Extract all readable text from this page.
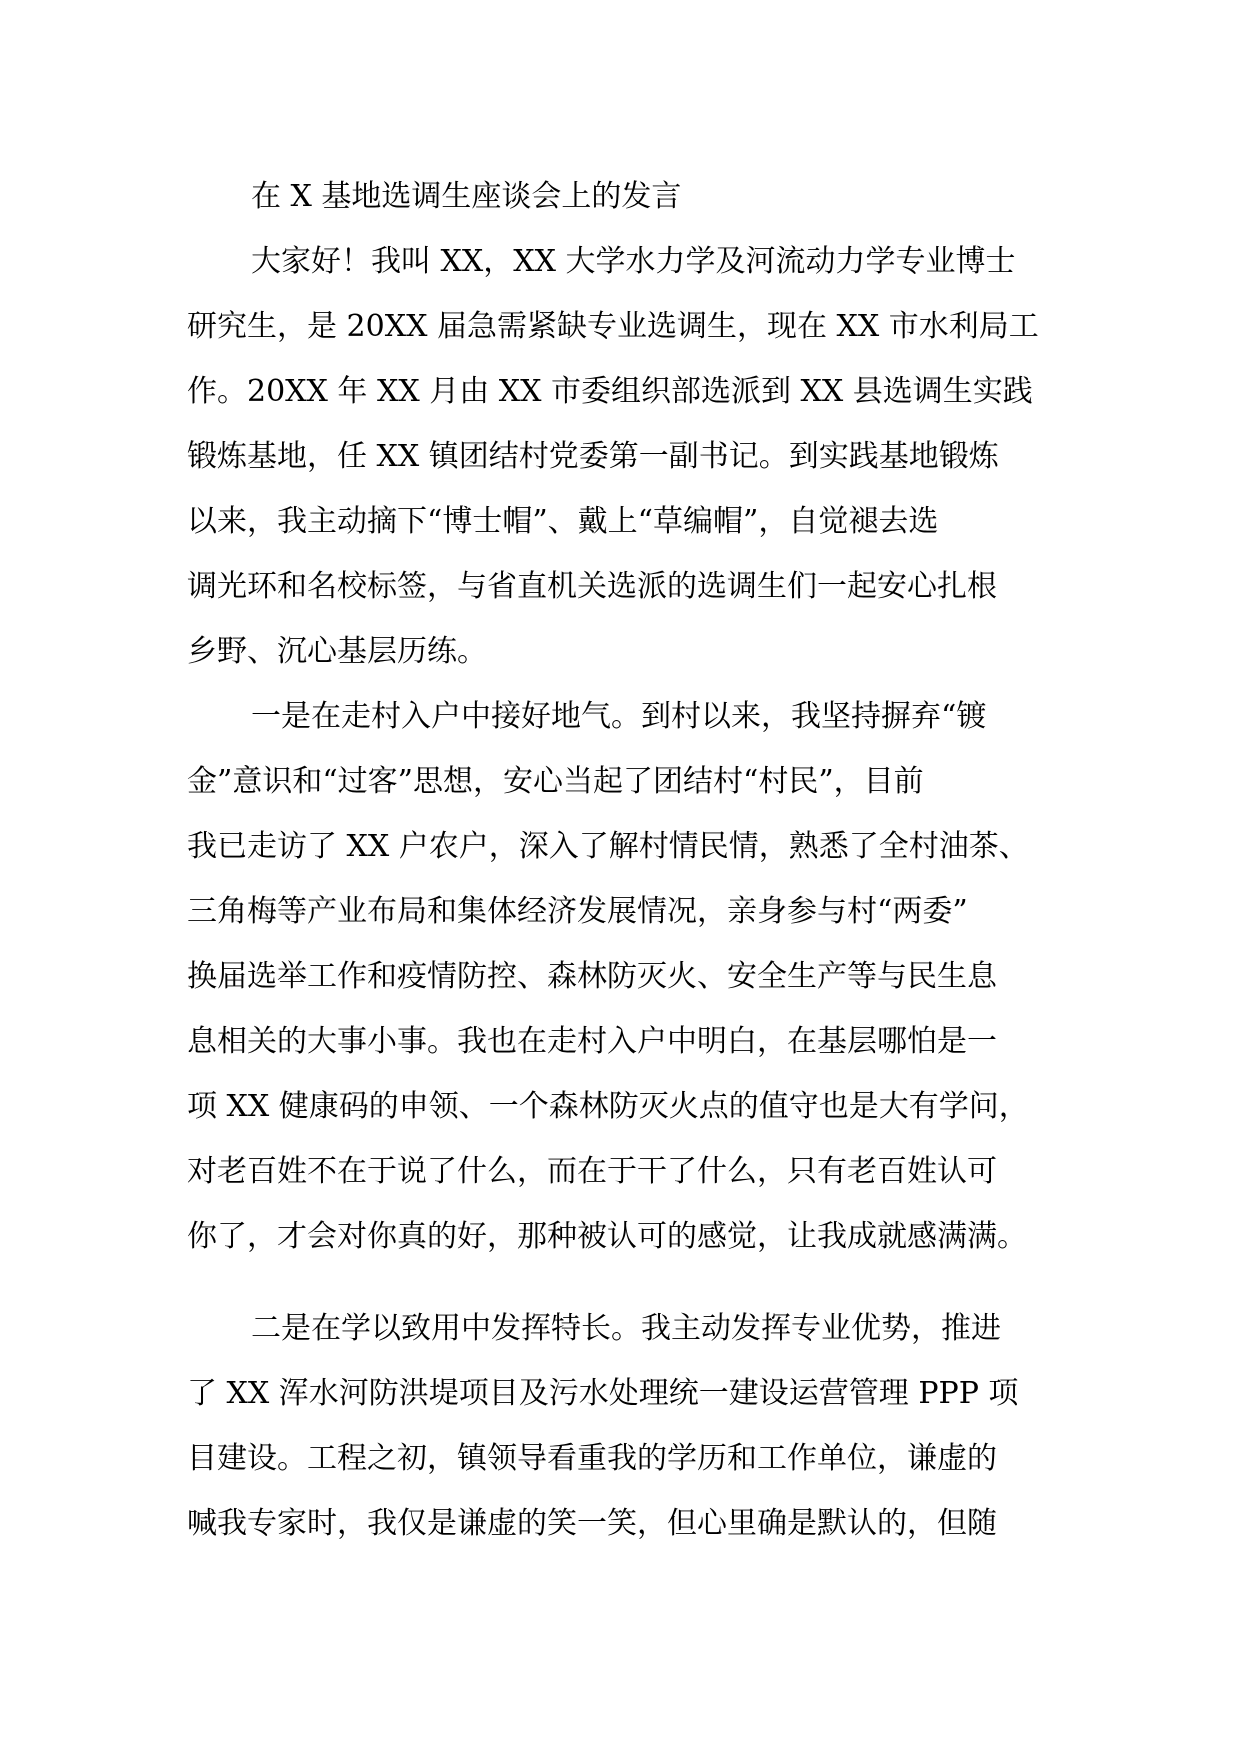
在 X 基地选调生座谈会上的发言
大家好！我叫 XX，XX 大学水力学及河流动力学专业博士
研究生，是 20XX 届急需紧缺专业选调生，现在 XX 市水利局工
作。20XX 年 XX 月由 XX 市委组织部选派到 XX 县选调生实践
锻炼基地，任 XX 镇团结村党委第一副书记。到实践基地锻炼
以来，我主动摘下“博士帽”、戴上“草编帽”，自觉褪去选
调光环和名校标签，与省直机关选派的选调生们一起安心扎根
乡野、沉心基层历练。
一是在走村入户中接好地气。到村以来，我坚持摒弃“镀
金”意识和“过客”思想，安心当起了团结村“村民”，目前
我已走访了 XX 户农户，深入了解村情民情，熟悉了全村油茶、
三角梅等产业布局和集体经济发展情况，亲身参与村“两委”
换届选举工作和疫情防控、森林防灭火、安全生产等与民生息
息相关的大事小事。我也在走村入户中明白，在基层哪怕是一
项 XX 健康码的申领、一个森林防灭火点的值守也是大有学问，
对老百姓不在于说了什么，而在于干了什么，只有老百姓认可
你了，才会对你真的好，那种被认可的感觉，让我成就感满满。
二是在学以致用中发挥特长。我主动发挥专业优势，推进
了 XX 浑水河防洪堤项目及污水处理统一建设运营管理 PPP 项
目建设。工程之初，镇领导看重我的学历和工作单位，谦虚的
喊我专家时，我仅是谦虚的笑一笑，但心里确是默认的，但随
